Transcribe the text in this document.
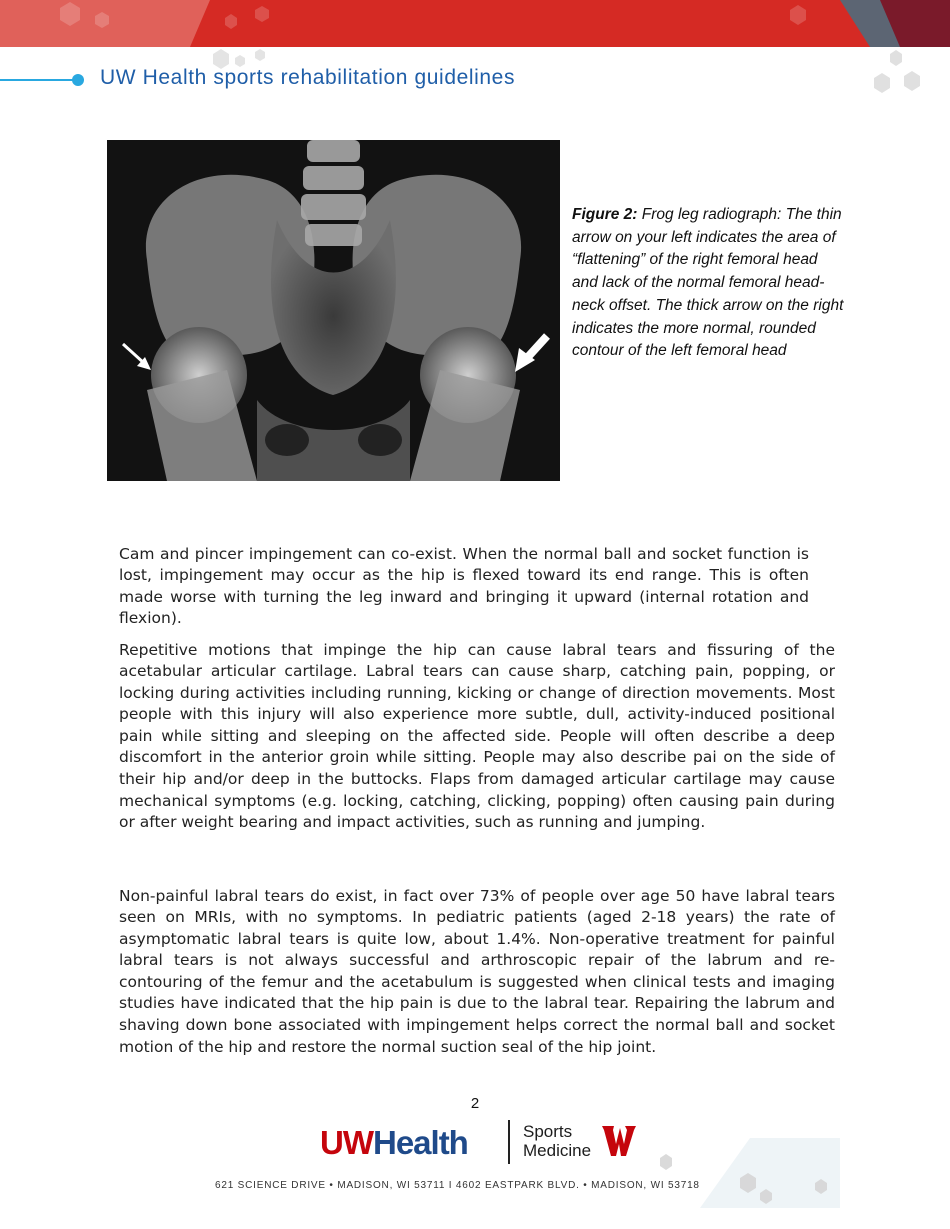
UW Health sports rehabilitation guidelines
Figure 2: Frog leg radiograph: The thin arrow on your left indicates the area of “flattening” of the right femoral head and lack of the normal femoral head-neck offset. The thick arrow on the right indicates the more normal, rounded contour of the left femoral head

Cam and pincer impingement can co-exist. When the normal ball and socket function is lost, impingement may occur as the hip is flexed toward its end range. This is often made worse with turning the leg inward and bringing it upward (internal rotation and flexion).

Repetitive motions that impinge the hip can cause labral tears and fissuring of the acetabular articular cartilage. Labral tears can cause sharp, catching pain, popping, or locking during activities including running, kicking or change of direction movements. Most people with this injury will also experience more subtle, dull, activity-induced positional pain while sitting and sleeping on the affected side. People will often describe a deep discomfort in the anterior groin while sitting. People may also describe pai on the side of their hip and/or deep in the buttocks. Flaps from damaged articular cartilage may cause mechanical symptoms (e.g. locking, catching, clicking, popping) often causing pain during or after weight bearing and impact activities, such as running and jumping.

Non-painful labral tears do exist, in fact over 73% of people over age 50 have labral tears seen on MRIs, with no symptoms. In pediatric patients (aged 2-18 years) the rate of asymptomatic labral tears is quite low, about 1.4%. Non-operative treatment for painful labral tears is not always successful and arthroscopic repair of the labrum and re-contouring of the femur and the acetabulum is suggested when clinical tests and imaging studies have indicated that the hip pain is due to the labral tear. Repairing the labrum and shaving down bone associated with impingement helps correct the normal ball and socket motion of the hip and restore the normal suction seal of the hip joint.

2
UWHealth	Sports
Medicine
621 SCIENCE DRIVE • MADISON, WI 53711 I 4602 EASTPARK BLVD. • MADISON, WI 53718
